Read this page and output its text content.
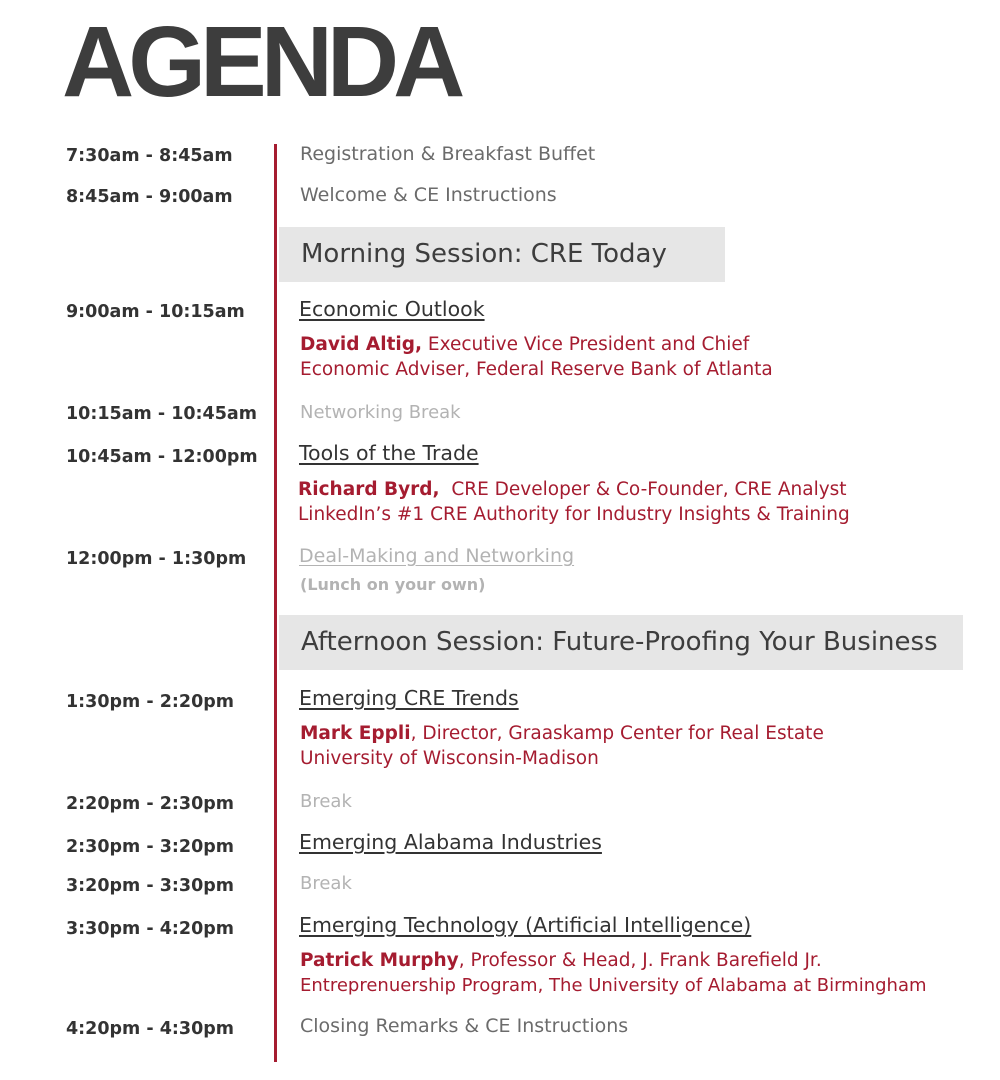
AGENDA
7:30am - 8:45am	Registration & Breakfast Buffet
8:45am - 9:00am	Welcome & CE Instructions
Morning Session: CRE Today
9:00am - 10:15am	Economic Outlook
David Altig, Executive Vice President and Chief
Economic Adviser, Federal Reserve Bank of Atlanta
10:15am - 10:45am Networking Break
10:45am - 12:00pm Tools of the Trade
Richard Byrd,  CRE Developer & Co-Founder, CRE Analyst
LinkedIn’s #1 CRE Authority for Industry Insights & Training
12:00pm - 1:30pm	Deal-Making and Networking
(Lunch on your own)
Afternoon Session: Future-Proofing Your Business
1:30pm - 2:20pm	Emerging CRE Trends
Mark Eppli, Director, Graaskamp Center for Real Estate
University of Wisconsin-Madison
2:20pm - 2:30pm	Break
2:30pm - 3:20pm	Emerging Alabama Industries
3:20pm - 3:30pm	Break
3:30pm - 4:20pm	Emerging Technology (Artificial Intelligence)
Patrick Murphy, Professor & Head, J. Frank Barefield Jr.
Entreprenuership Program, The University of Alabama at Birmingham
4:20pm - 4:30pm	Closing Remarks & CE Instructions
